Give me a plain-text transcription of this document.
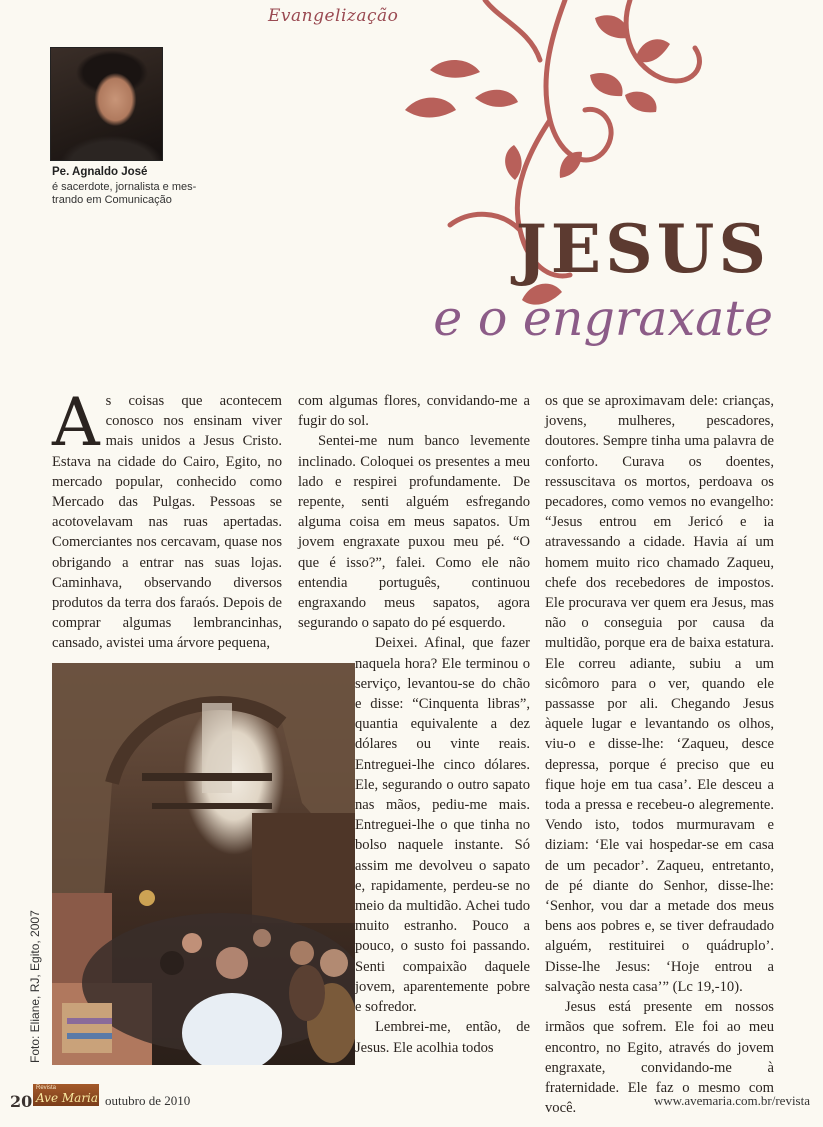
Evangelização
Pe. Agnaldo José
é sacerdote, jornalista e mes-
trando em Comunicação
JESUS
e o engraxate

As coisas que acontecem conosco nos ensinam viver mais unidos a Jesus Cristo. Estava na cidade do Cairo, Egito, no mercado popular, conhecido como Mercado das Pulgas. Pessoas se acotovelavam nas ruas apertadas. Comerciantes nos cercavam, quase nos obrigando a entrar nas suas lojas. Caminhava, observando diversos produtos da terra dos faraós. Depois de comprar algumas lembrancinhas, cansado, avistei uma árvore pequena,

com algumas flores, convidando-me a fugir do sol.

Sentei-me num banco levemente inclinado. Coloquei os presentes a meu lado e respirei profundamente. De repente, senti alguém esfregando alguma coisa em meus sapatos. Um jovem engraxate puxou meu pé. “O que é isso?”, falei. Como ele não entendia português, continuou engraxando meus sapatos, agora segurando o sapato do pé esquerdo.

Deixei. Afinal, que fazer naquela hora? Ele terminou o serviço, levantou-se do chão e disse: “Cinquenta libras”, quantia equivalente a dez dólares ou vinte reais. Entreguei-lhe cinco dólares. Ele, segurando o outro sapato nas mãos, pediu-me mais. Entreguei-lhe o que tinha no bolso naquele instante. Só assim me devolveu o sapato e, rapidamente, perdeu-se no meio da multidão. Achei tudo muito estranho. Pouco a pouco, o susto foi passando. Senti compaixão daquele jovem, aparentemente pobre e sofredor.

Lembrei-me, então, de Jesus. Ele acolhia todos

os que se aproximavam dele: crianças, jovens, mulheres, pescadores, doutores. Sempre tinha uma palavra de conforto. Curava os doentes, ressuscitava os mortos, perdoava os pecadores, como vemos no evangelho: “Jesus entrou em Jericó e ia atravessando a cidade. Havia aí um homem muito rico chamado Zaqueu, chefe dos recebedores de impostos. Ele procurava ver quem era Jesus, mas não o conseguia por causa da multidão, porque era de baixa estatura. Ele correu adiante, subiu a um sicômoro para o ver, quando ele passasse por ali. Chegando Jesus àquele lugar e levantando os olhos, viu-o e disse-lhe: ‘Zaqueu, desce depressa, porque é preciso que eu fique hoje em tua casa’. Ele desceu a toda a pressa e recebeu-o alegremente. Vendo isto, todos murmuravam e diziam: ‘Ele vai hospedar-se em casa de um pecador’. Zaqueu, entretanto, de pé diante do Senhor, disse-lhe: ‘Senhor, vou dar a metade dos meus bens aos pobres e, se tiver defraudado alguém, restituirei o quádruplo’. Disse-lhe Jesus: ‘Hoje entrou a salvação nesta casa’” (Lc 19,-10).

Jesus está presente em nossos irmãos que sofrem. Ele foi ao meu encontro, no Egito, através do jovem engraxate, convidando-me à fraternidade. Ele faz o mesmo com você.

Foto: Eliane, RJ, Egito, 2007
20
Revista
Ave Maria outubro de 2010	www.avemaria.com.br/revista
